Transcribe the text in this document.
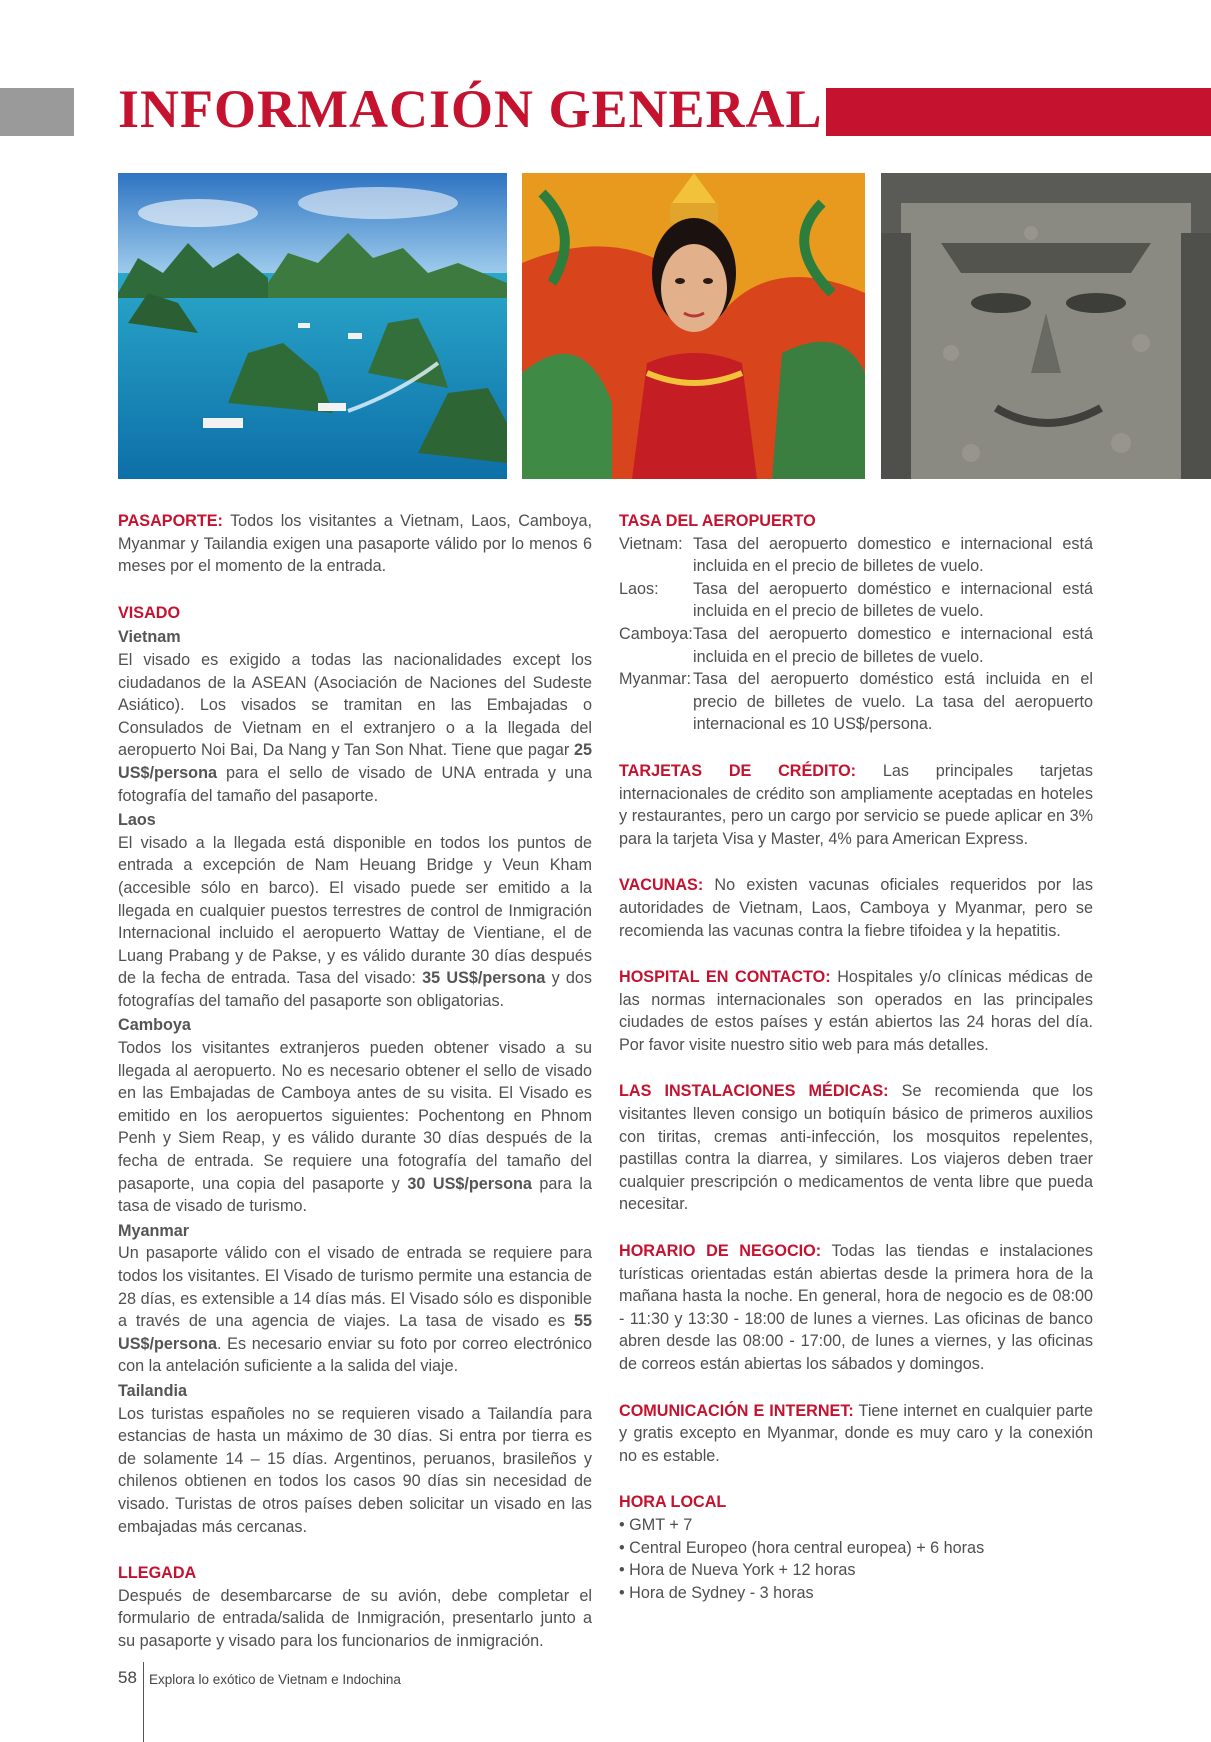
INFORMACIÓN GENERAL

PASAPORTE: Todos los visitantes a Vietnam, Laos, Camboya, Myanmar y Tailandia exigen una pasaporte válido por lo menos 6 meses por el momento de la entrada.

VISADO
Vietnam
El visado es exigido a todas las nacionalidades except los ciudadanos de la ASEAN (Asociación de Naciones del Sudeste Asiático). Los visados se tramitan en las Embajadas o Consulados de Vietnam en el extranjero o a la llegada del aeropuerto Noi Bai, Da Nang y Tan Son Nhat. Tiene que pagar 25 US$/persona para el sello de visado de UNA entrada y una fotografía del tamaño del pasaporte.
Laos
El visado a la llegada está disponible en todos los puntos de entrada a excepción de Nam Heuang Bridge y Veun Kham (accesible sólo en barco). El visado puede ser emitido a la llegada en cualquier puestos terrestres de control de Inmigración Internacional incluido el aeropuerto Wattay de Vientiane, el de Luang Prabang y de Pakse, y es válido durante 30 días después de la fecha de entrada. Tasa del visado: 35 US$/persona y dos fotografías del tamaño del pasaporte son obligatorias.
Camboya
Todos los visitantes extranjeros pueden obtener visado a su llegada al aeropuerto. No es necesario obtener el sello de visado en las Embajadas de Camboya antes de su visita. El Visado es emitido en los aeropuertos siguientes: Pochentong en Phnom Penh y Siem Reap, y es válido durante 30 días después de la fecha de entrada. Se requiere una fotografía del tamaño del pasaporte, una copia del pasaporte y 30 US$/persona para la tasa de visado de turismo.
Myanmar
Un pasaporte válido con el visado de entrada se requiere para todos los visitantes. El Visado de turismo permite una estancia de 28 días, es extensible a 14 días más. El Visado sólo es disponible a través de una agencia de viajes. La tasa de visado es 55 US$/persona. Es necesario enviar su foto por correo electrónico con la antelación suficiente a la salida del viaje.
Tailandia
Los turistas españoles no se requieren visado a Tailandía para estancias de hasta un máximo de 30 días. Si entra por tierra es de solamente 14 – 15 días. Argentinos, peruanos, brasileños y chilenos obtienen en todos los casos 90 días sin necesidad de visado. Turistas de otros países deben solicitar un visado en las embajadas más cercanas.

LLEGADA
Después de desembarcarse de su avión, debe completar el formulario de entrada/salida de Inmigración, presentarlo junto a su pasaporte y visado para los funcionarios de inmigración.

TASA DEL AEROPUERTO

Vietnam: Tasa del aeropuerto domestico e internacional está incluida en el precio de billetes de vuelo.
Laos:	Tasa del aeropuerto doméstico e internacional está incluida en el precio de billetes de vuelo.
Camboya: Tasa del aeropuerto domestico e internacional está incluida en el precio de billetes de vuelo.
Myanmar: Tasa del aeropuerto doméstico está incluida en el precio de billetes de vuelo. La tasa del aeropuerto internacional es 10 US$/persona.

TARJETAS DE CRÉDITO: Las principales tarjetas internacionales de crédito son ampliamente aceptadas en hoteles y restaurantes, pero un cargo por servicio se puede aplicar en 3% para la tarjeta Visa y Master, 4% para American Express.

VACUNAS: No existen vacunas oficiales requeridos por las autoridades de Vietnam, Laos, Camboya y Myanmar, pero se recomienda las vacunas contra la fiebre tifoidea y la hepatitis.

HOSPITAL EN CONTACTO: Hospitales y/o clínicas médicas de las normas internacionales son operados en las principales ciudades de estos países y están abiertos las 24 horas del día. Por favor visite nuestro sitio web para más detalles.

LAS INSTALACIONES MÉDICAS: Se recomienda que los visitantes lleven consigo un botiquín básico de primeros auxilios con tiritas, cremas anti-infección, los mosquitos repelentes, pastillas contra la diarrea, y similares. Los viajeros deben traer cualquier prescripción o medicamentos de venta libre que pueda necesitar.

HORARIO DE NEGOCIO: Todas las tiendas e instalaciones turísticas orientadas están abiertas desde la primera hora de la mañana hasta la noche. En general, hora de negocio es de 08:00 - 11:30 y 13:30 - 18:00 de lunes a viernes. Las oficinas de banco abren desde las 08:00 - 17:00, de lunes a viernes, y las oficinas de correos están abiertas los sábados y domingos.

COMUNICACIÓN E INTERNET: Tiene internet en cualquier parte y gratis excepto en Myanmar, donde es muy caro y la conexión no es estable.

HORA LOCAL

• GMT + 7
• Central Europeo (hora central europea) + 6 horas
• Hora de Nueva York + 12 horas
• Hora de Sydney - 3 horas
58 Explora lo exótico de Vietnam e Indochina
